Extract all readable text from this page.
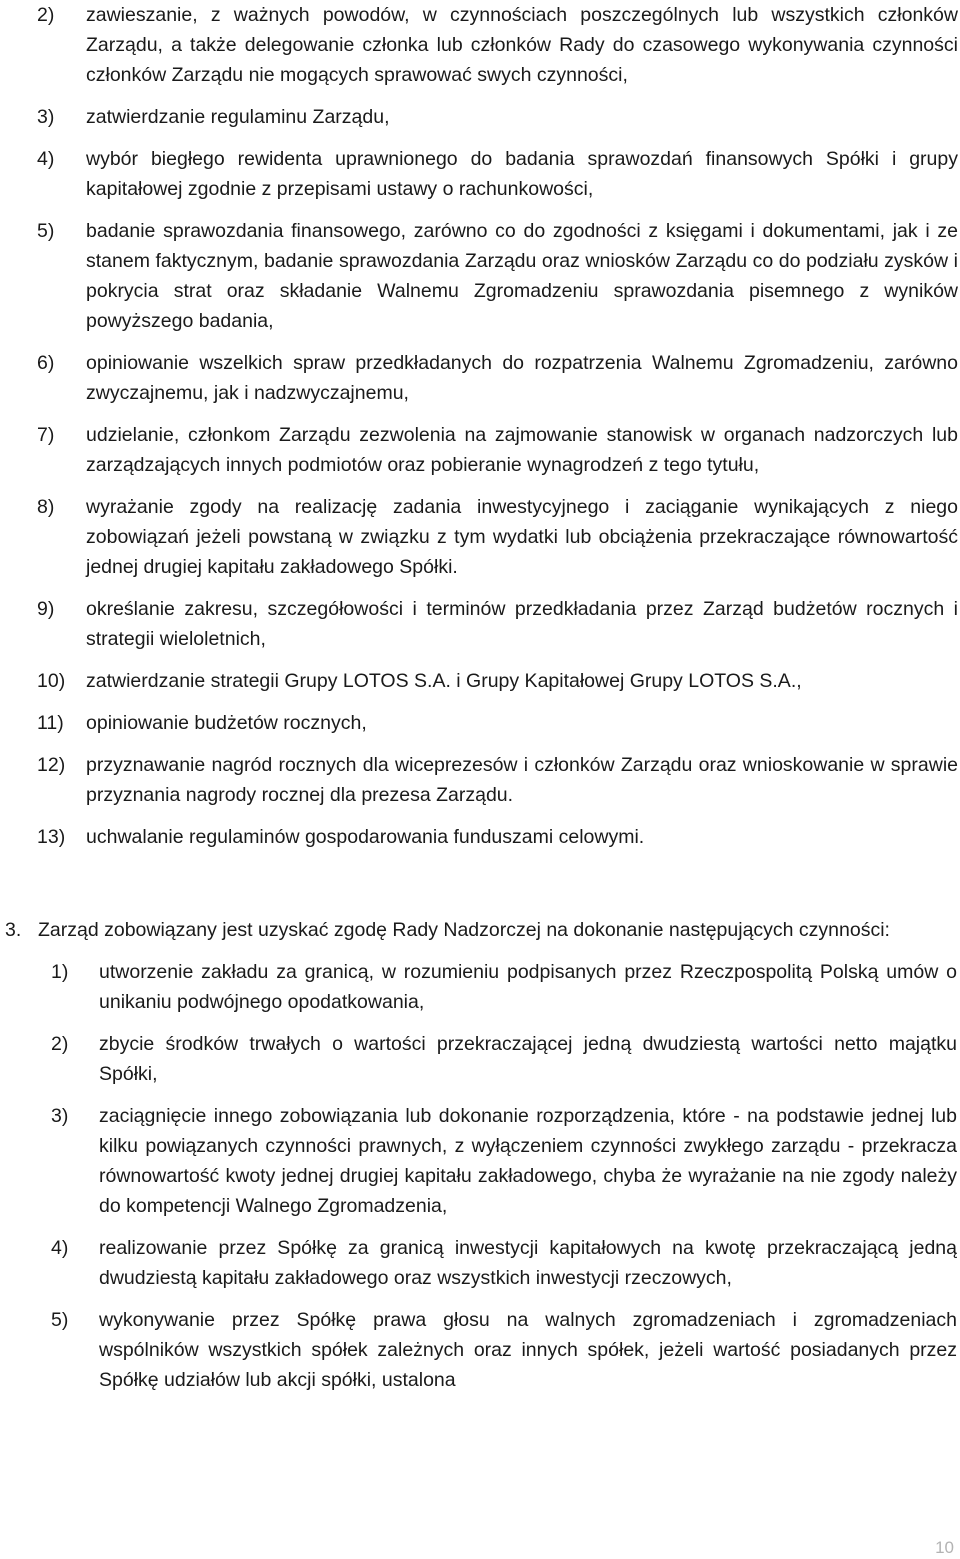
2) zawieszanie, z ważnych powodów, w czynnościach poszczególnych lub wszystkich członków Zarządu, a także delegowanie członka lub członków Rady do czasowego wykonywania czynności członków Zarządu nie mogących sprawować swych czynności,
3) zatwierdzanie regulaminu Zarządu,
4) wybór biegłego rewidenta uprawnionego do badania sprawozdań finansowych Spółki i grupy kapitałowej zgodnie z przepisami ustawy o rachunkowości,
5) badanie sprawozdania finansowego, zarówno co do zgodności z księgami i dokumentami, jak i ze stanem faktycznym, badanie sprawozdania Zarządu oraz wniosków Zarządu co do podziału zysków i pokrycia strat oraz składanie Walnemu Zgromadzeniu sprawozdania pisemnego z wyników powyższego badania,
6) opiniowanie wszelkich spraw przedkładanych do rozpatrzenia Walnemu Zgromadzeniu, zarówno zwyczajnemu, jak i nadzwyczajnemu,
7) udzielanie, członkom Zarządu zezwolenia na zajmowanie stanowisk w organach nadzorczych lub zarządzających innych podmiotów oraz pobieranie wynagrodzeń z tego tytułu,
8) wyrażanie zgody na realizację zadania inwestycyjnego i zaciąganie wynikających z niego zobowiązań jeżeli powstaną w związku z tym wydatki lub obciążenia przekraczające równowartość jednej drugiej kapitału zakładowego Spółki.
9) określanie zakresu, szczegółowości i terminów przedkładania przez Zarząd budżetów rocznych i strategii wieloletnich,
10) zatwierdzanie strategii Grupy LOTOS S.A. i Grupy Kapitałowej Grupy LOTOS S.A.,
11) opiniowanie budżetów rocznych,
12) przyznawanie nagród rocznych dla wiceprezesów i członków Zarządu oraz wnioskowanie w sprawie przyznania nagrody rocznej dla prezesa Zarządu.
13) uchwalanie regulaminów gospodarowania funduszami celowymi.
3. Zarząd zobowiązany jest uzyskać zgodę Rady Nadzorczej na dokonanie następujących czynności:
1) utworzenie zakładu za granicą, w rozumieniu podpisanych przez Rzeczpospolitą Polską umów o unikaniu podwójnego opodatkowania,
2) zbycie środków trwałych o wartości przekraczającej jedną dwudziestą wartości netto majątku Spółki,
3) zaciągnięcie innego zobowiązania lub dokonanie rozporządzenia, które - na podstawie jednej lub kilku powiązanych czynności prawnych, z wyłączeniem czynności zwykłego zarządu - przekracza równowartość kwoty jednej drugiej kapitału zakładowego, chyba że wyrażanie na nie zgody należy do kompetencji Walnego Zgromadzenia,
4) realizowanie przez Spółkę za granicą inwestycji kapitałowych na kwotę przekraczającą jedną dwudziestą kapitału zakładowego oraz wszystkich inwestycji rzeczowych,
5) wykonywanie przez Spółkę prawa głosu na walnych zgromadzeniach i zgromadzeniach wspólników wszystkich spółek zależnych oraz innych spółek, jeżeli wartość posiadanych przez Spółkę udziałów lub akcji spółki, ustalona
10
